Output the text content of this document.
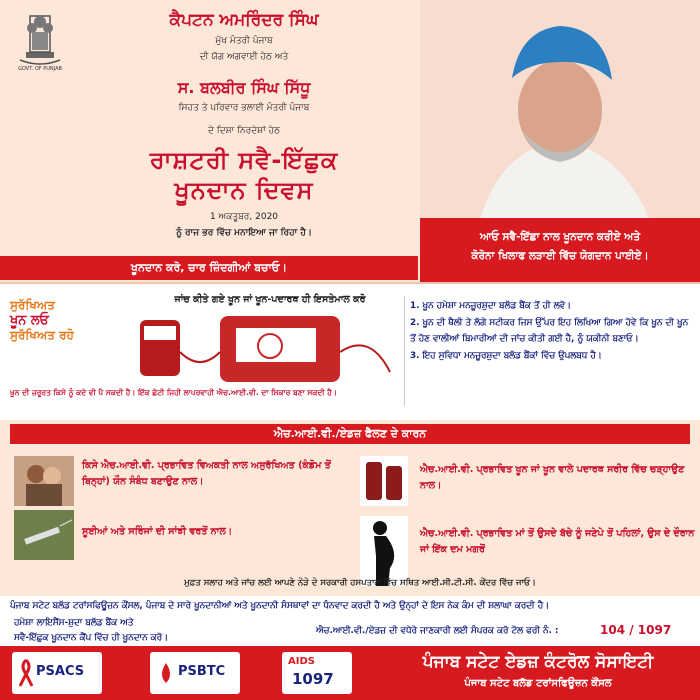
GOVT. OF PUNJAB
ਕੈਪਟਨ ਅਮਰਿੰਦਰ ਸਿੰਘ
ਮੁੱਖ ਮੰਤਰੀ ਪੰਜਾਬ
ਦੀ ਯੋਗ ਅਗਵਾਈ ਹੇਠ ਅਤੇ
ਸ. ਬਲਬੀਰ ਸਿੰਘ ਸਿੱਧੂ
ਸਿਹਤ ਤੇ ਪਰਿਵਾਰ ਭਲਾਈ ਮੰਤਰੀ ਪੰਜਾਬ
ਦੇ ਦਿਸ਼ਾ ਨਿਰਦੇਸ਼ਾਂ ਹੇਠ
ਰਾਸ਼ਟਰੀ ਸਵੈ-ਇੱਛੁਕ
ਖੂਨਦਾਨ ਦਿਵਸ
1 ਅਕਤੂਬਰ, 2020
ਨੂੰ ਰਾਜ ਭਰ ਵਿੱਚ ਮਨਾਇਆ ਜਾ ਰਿਹਾ ਹੈ।
ਖੂਨਦਾਨ ਕਰੋ, ਚਾਰ ਜ਼ਿੰਦਗੀਆਂ ਬਚਾਓ।
ਆਓ ਸਵੈ-ਇੱਛਾ ਨਾਲ ਖੂਨਦਾਨ ਕਰੀਏ ਅਤੇ
ਕੋਰੋਨਾ ਖਿਲਾਫ ਲੜਾਈ ਵਿੱਚ ਯੋਗਦਾਨ ਪਾਈਏ।
ਸੁਰੱਖਿਅਤ
ਖੂਨ ਲਓ
ਸੁਰੱਖਿਅਤ ਰਹੋ
ਜਾਂਚ ਕੀਤੇ ਗਏ ਖੂਨ ਜਾਂ ਖੂਨ-ਪਦਾਰਥ ਹੀ ਇਸਤੇਮਾਲ ਕਰੋ
ਖੂਨ ਦੀ ਜ਼ਰੂਰਤ ਕਿਸੇ ਨੂੰ ਕਦੇ ਵੀ ਪੈ ਸਕਦੀ ਹੈ। ਇੱਕ ਛੋਟੀ ਜਿਹੀ ਲਾਪਰਵਾਹੀ ਐਚ.ਆਈ.ਵੀ. ਦਾ ਸ਼ਿਕਾਰ ਬਣਾ ਸਕਦੀ ਹੈ।
1. ਖੂਨ ਹਮੇਸ਼ਾ ਮਨਜ਼ੂਰਸ਼ੁਦਾ ਬਲੱਡ ਬੈਂਕ ਤੋਂ ਹੀ ਲਵੋ।
2. ਖੂਨ ਦੀ ਥੈਲੀ ਤੇ ਲੱਗੇ ਸਟੀਕਰ ਜਿਸ ਉੱਪਰ ਇਹ ਲਿਖਿਆ ਗਿਆ ਹੋਵੇ ਕਿ ਖੂਨ ਦੀ ਖੂਨ ਤੋਂ ਹੋਣ ਵਾਲੀਆਂ ਬਿਮਾਰੀਆਂ ਦੀ ਜਾਂਚ ਕੀਤੀ ਗਈ ਹੈ, ਨੂੰ ਯਕੀਨੀ ਬਣਾਓ।
3. ਇਹ ਸੁਵਿਧਾ ਮਨਜ਼ੂਰਸ਼ੁਦਾ ਬਲੱਡ ਬੈਂਕਾਂ ਵਿੱਚ ਉਪਲਬਧ ਹੈ।
ਐਚ.ਆਈ.ਵੀ./ਏਡਜ਼ ਫੈਲਣ ਦੇ ਕਾਰਨ
ਕਿਸੇ ਐਚ.ਆਈ.ਵੀ. ਪ੍ਰਭਾਵਿਤ ਵਿਅਕਤੀ ਨਾਲ ਅਸੁਰੱਖਿਅਤ (ਕੰਡੋਮ ਤੋਂ ਬਿਨ੍ਹਾਂ) ਯੌਨ ਸੰਬੰਧ ਬਣਾਉਣ ਨਾਲ।
ਸੂਈਆਂ ਅਤੇ ਸਰਿੰਜਾਂ ਦੀ ਸਾਂਝੀ ਵਰਤੋਂ ਨਾਲ।
ਐਚ.ਆਈ.ਵੀ. ਪ੍ਰਭਾਵਿਤ ਖੂਨ ਜਾਂ ਖੂਨ ਵਾਲੇ ਪਦਾਰਥ ਸਰੀਰ ਵਿੱਚ ਚੜ੍ਹਾਉਣ ਨਾਲ।
ਐਚ.ਆਈ.ਵੀ. ਪ੍ਰਭਾਵਿਤ ਮਾਂ ਤੋਂ ਉਸਦੇ ਬੱਚੇ ਨੂੰ ਜਣੇਪੇ ਤੋਂ ਪਹਿਲਾਂ, ਉਸ ਦੇ ਦੌਰਾਨ ਜਾਂ ਇੱਕ ਦਮ ਮਗਰੋਂ
ਮੁਫ਼ਤ ਸਲਾਹ ਅਤੇ ਜਾਂਚ ਲਈ ਆਪਣੇ ਨੇੜੇ ਦੇ ਸਰਕਾਰੀ ਹਸਪਤਾਲ ਵਿੱਚ ਸਥਿਤ ਆਈ.ਸੀ.ਟੀ.ਸੀ. ਕੇਂਦਰ ਵਿੱਚ ਜਾਓ।
ਪੰਜਾਬ ਸਟੇਟ ਬਲੱਡ ਟਰਾਂਸਫਿਊਜ਼ਨ ਕੌਂਸਲ, ਪੰਜਾਬ ਦੇ ਸਾਰੇ ਖੂਨਦਾਨੀਆਂ ਅਤੇ ਖੂਨਦਾਨੀ ਸੰਸਥਾਵਾਂ ਦਾ ਧੰਨਵਾਦ ਕਰਦੀ ਹੈ ਅਤੇ ਉਨ੍ਹਾਂ ਦੇ ਇਸ ਨੇਕ ਕੰਮ ਦੀ ਸ਼ਲਾਘਾ ਕਰਦੀ ਹੈ।
ਹਮੇਸ਼ਾ ਲਾਇਸੈਂਸ-ਸ਼ੁਦਾ ਬਲੱਡ ਬੈਂਕ ਅਤੇ
ਸਵੈ-ਇੱਛੁਕ ਖੂਨਦਾਨ ਕੈਂਪ ਵਿੱਚ ਹੀ ਖੂਨਦਾਨ ਕਰੋ।
ਐਚ.ਆਈ.ਵੀ./ਏਡਜ਼ ਦੀ ਵਧੇਰੇ ਜਾਣਕਾਰੀ ਲਈ ਸੰਪਰਕ ਕਰੋ ਟੋਲ ਫਰੀ ਨੰ. :	104 / 1097
PSACS	PSBTC
AIDS
1097
ਪੰਜਾਬ ਸਟੇਟ ਏਡਜ਼ ਕੰਟਰੋਲ ਸੋਸਾਇਟੀ
ਪੰਜਾਬ ਸਟੇਟ ਬਲੱਡ ਟਰਾਂਸਫਿਊਜ਼ਨ ਕੌਂਸਲ
